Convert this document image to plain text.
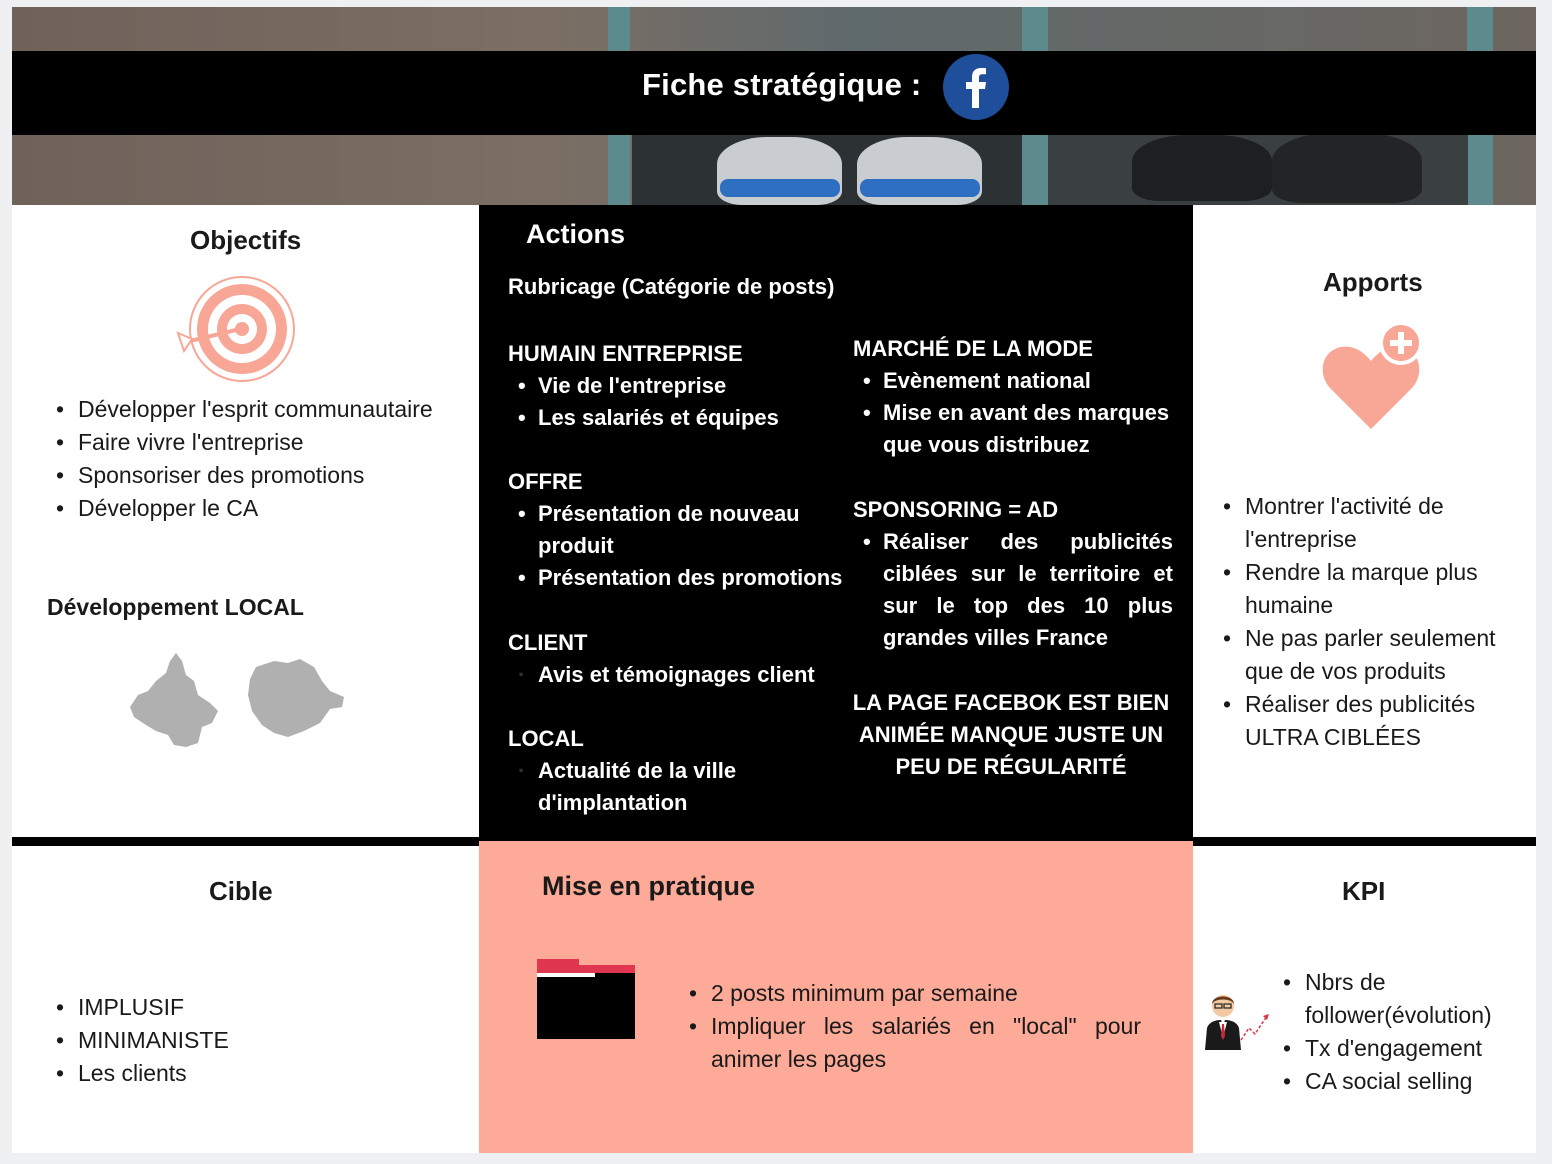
Fiche stratégique :
Objectifs
• Développer l'esprit communautaire
• Faire vivre l'entreprise
• Sponsoriser des promotions
• Développer le CA
Développement LOCAL
Actions
Rubricage (Catégorie de posts)
HUMAIN ENTREPRISE
• Vie de l'entreprise
• Les salariés et équipes
OFFRE
• Présentation de nouveau produit
• Présentation des promotions
CLIENT
· Avis et témoignages client
LOCAL
· Actualité de la ville d'implantation
MARCHÉ DE LA MODE
• Evènement national
• Mise en avant des marques que vous distribuez
SPONSORING = AD
• Réaliser des publicités ciblées sur le territoire et sur le top des 10 plus grandes villes France
LA PAGE FACEBOK EST BIEN ANIMÉE MANQUE JUSTE UN PEU DE RÉGULARITÉ
Apports
• Montrer l'activité de l'entreprise
• Rendre la marque plus humaine
• Ne pas parler seulement que de vos produits
• Réaliser des publicités ULTRA CIBLÉES
Cible
• IMPLUSIF
• MINIMANISTE
• Les clients
Mise en pratique
• 2 posts minimum par semaine
• Impliquer les salariés en "local" pour animer les pages
KPI
• Nbrs de follower(évolution)
• Tx d'engagement
• CA social selling
